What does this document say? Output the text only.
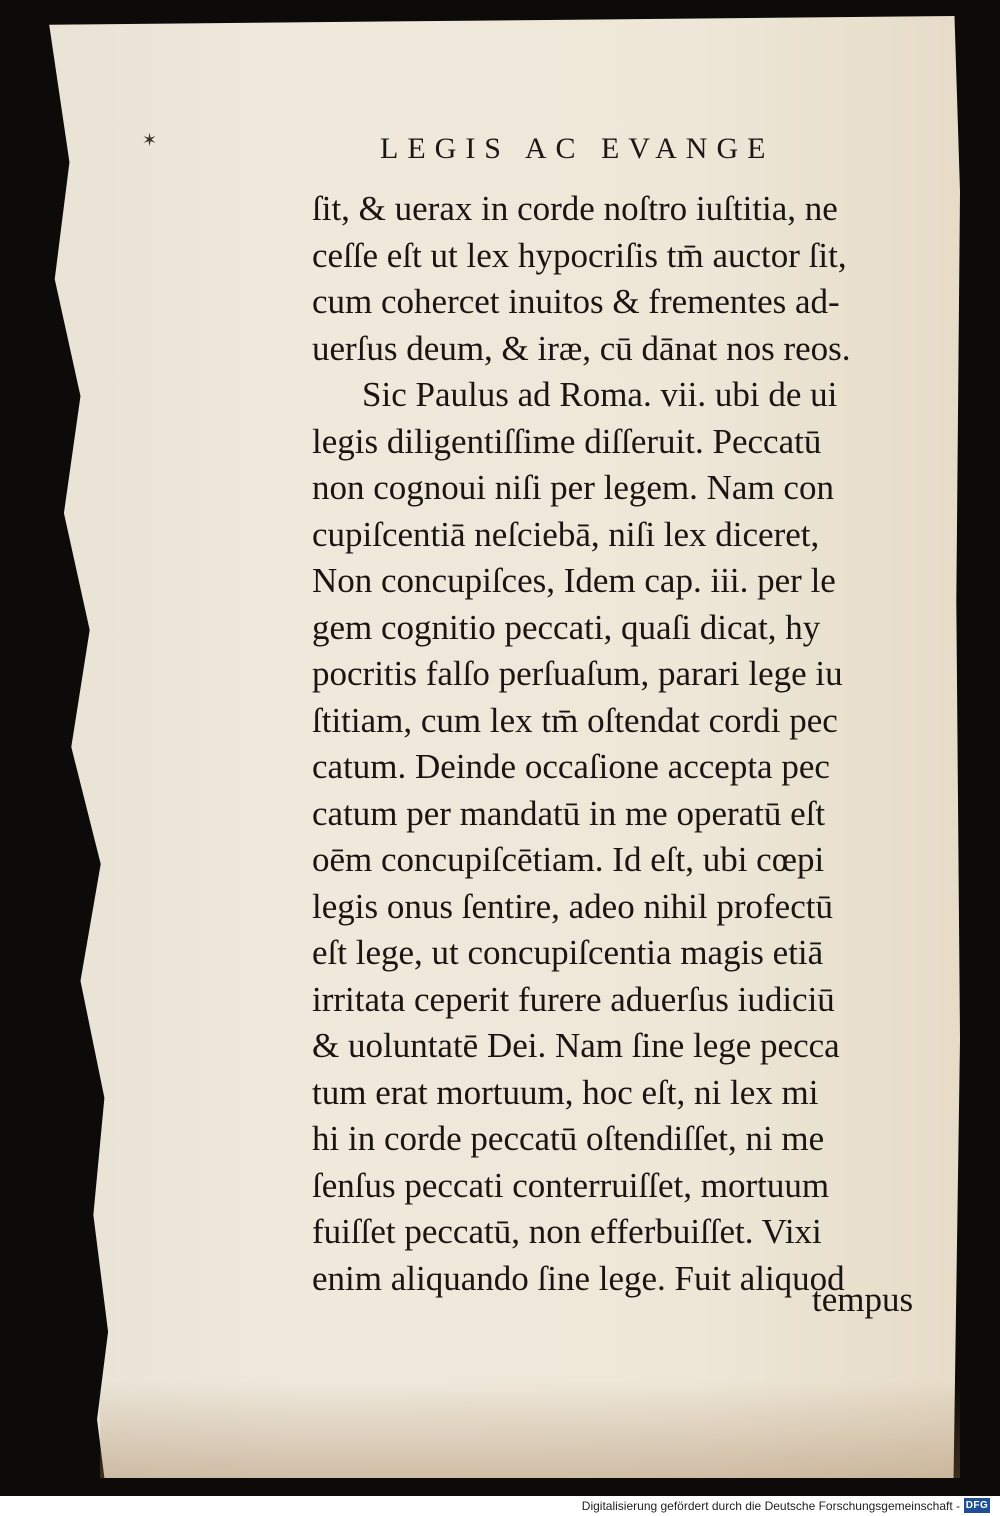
✶	LEGIS AC EVANGE
ſit, & uerax in corde noſtro iuſtitia, ne
ceſſe eſt ut lex hypocriſis tm̄ auctor ſit,
cum cohercet inuitos & frementes ad-
uerſus deum, & iræ, cū dānat nos reos.
Sic Paulus ad Roma. vii. ubi de ui
legis diligentiſſime diſſeruit. Peccatū
non cognoui niſi per legem. Nam con
cupiſcentiā neſciebā, niſi lex diceret,
Non concupiſces, Idem cap. iii. per le
gem cognitio peccati, quaſi dicat, hy
pocritis falſo perſuaſum, parari lege iu
ſtitiam, cum lex tm̄ oſtendat cordi pec
catum. Deinde occaſione accepta pec
catum per mandatū in me operatū eſt
oēm concupiſcētiam. Id eſt, ubi cœpi
legis onus ſentire, adeo nihil profectū
eſt lege, ut concupiſcentia magis etiā
irritata ceperit furere aduerſus iudiciū
& uoluntatē Dei. Nam ſine lege pecca
tum erat mortuum, hoc eſt, ni lex mi
hi in corde peccatū oſtendiſſet, ni me
ſenſus peccati conterruiſſet, mortuum
fuiſſet peccatū, non efferbuiſſet. Vixi
enim aliquando ſine lege. Fuit aliquod
tempus
Digitalisierung gefördert durch die Deutsche Forschungsgemeinschaft - DFG
